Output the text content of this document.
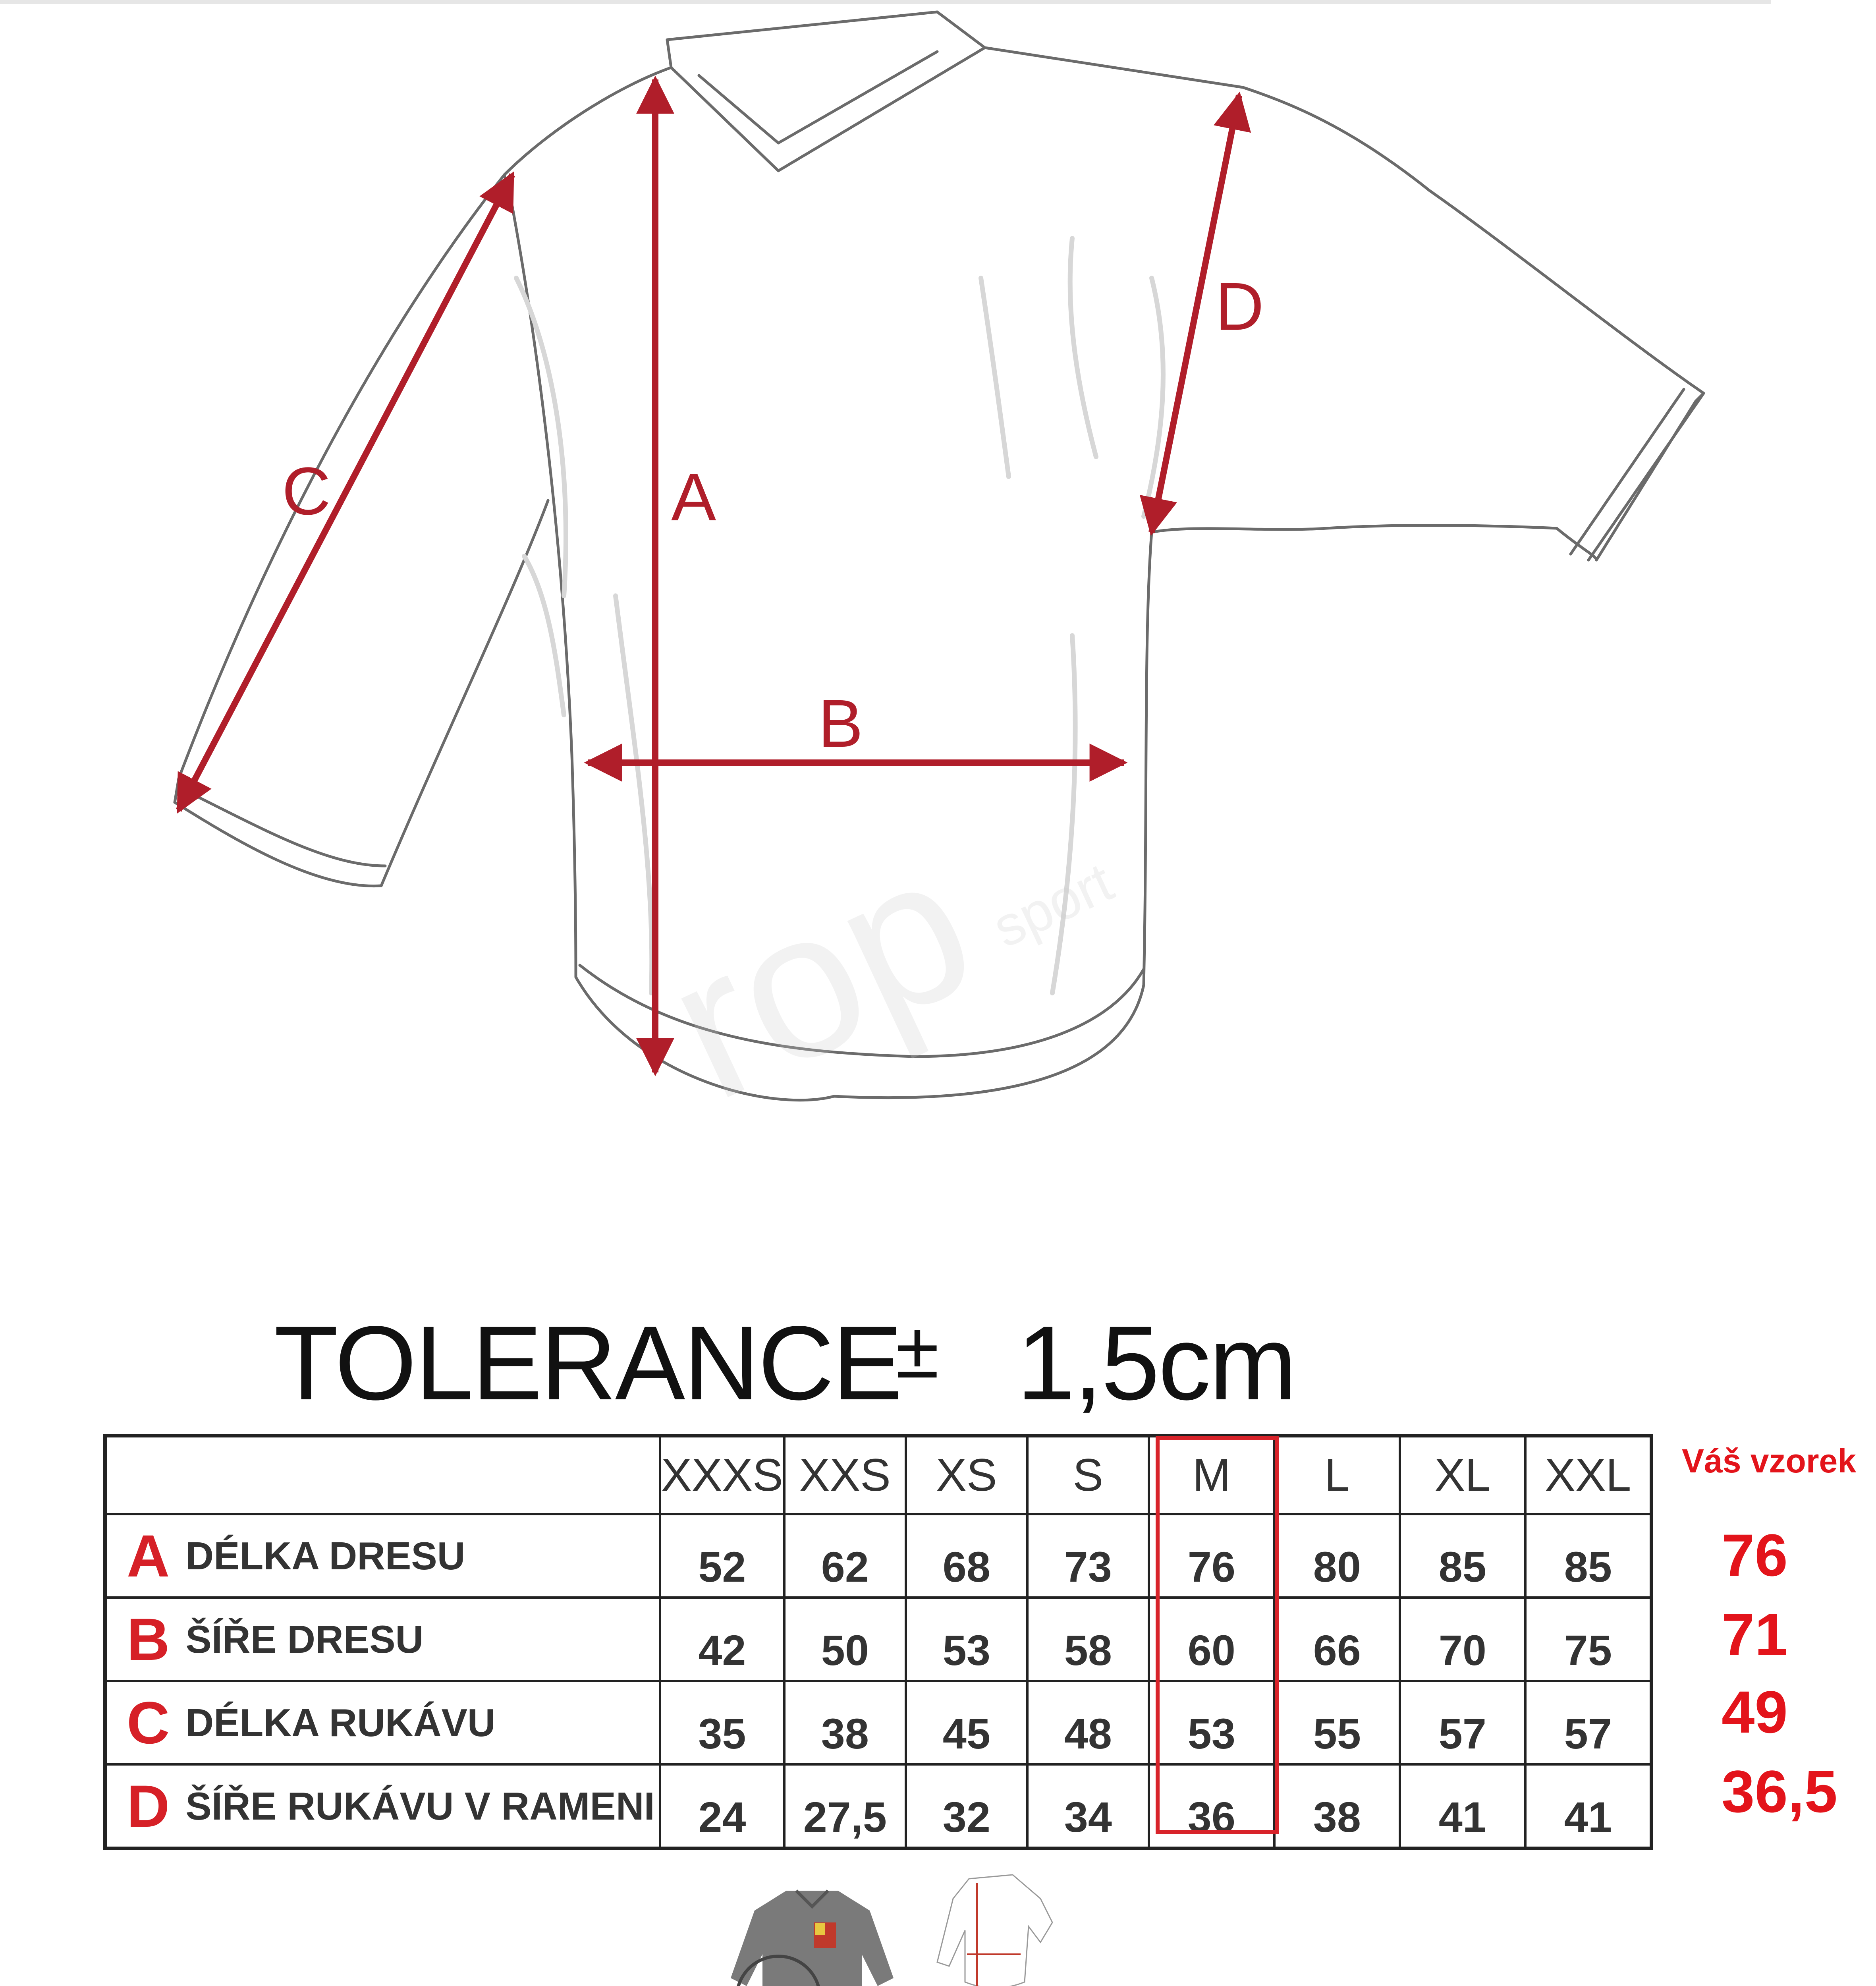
rop
sport
A
B
C
D
TOLERANCE
± 1,5cm
	XXXS	XXS	XS	S	M	L	XL	XXL
A DÉLKA DRESU	52	62	68	73	76	80	85	85
B ŠÍŘE DRESU	42	50	53	58	60	66	70	75
C DÉLKA RUKÁVU	35	38	45	48	53	55	57	57
D ŠÍŘE RUKÁVU V RAMENI	24	27,5	32	34	36	38	41	41
Váš vzorek
76
71
49
36,5
